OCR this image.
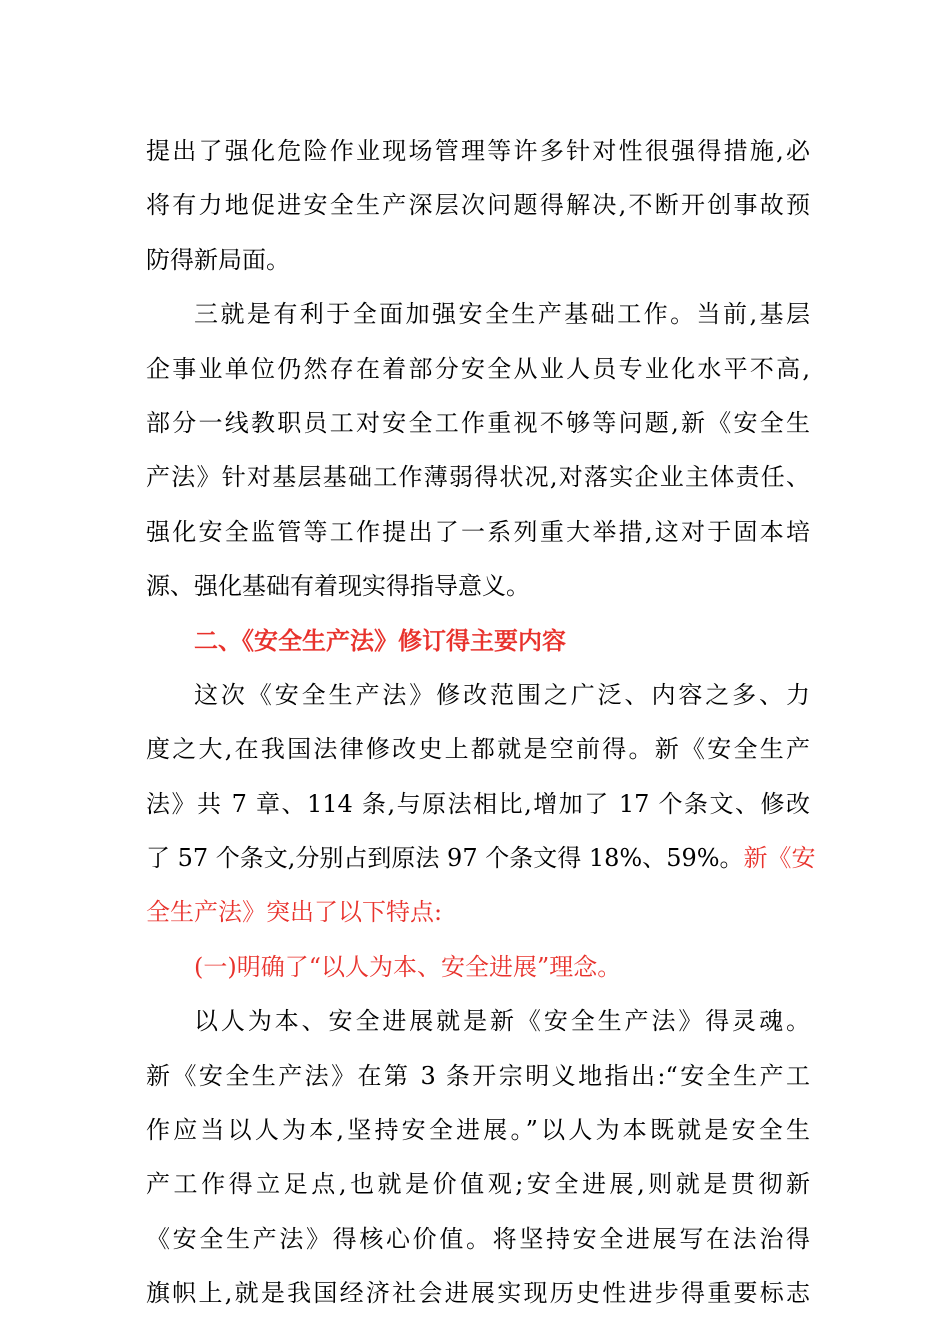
提出了强化危险作业现场管理等许多针对性很强得措施,必
将有力地促进安全生产深层次问题得解决,不断开创事故预
防得新局面。
三就是有利于全面加强安全生产基础工作。当前,基层
企事业单位仍然存在着部分安全从业人员专业化水平不高,
部分一线教职员工对安全工作重视不够等问题,新《安全生
产法》针对基层基础工作薄弱得状况,对落实企业主体责任、
强化安全监管等工作提出了一系列重大举措,这对于固本培
源、强化基础有着现实得指导意义。
二、《安全生产法》修订得主要内容
这次《安全生产法》修改范围之广泛、内容之多、力
度之大,在我国法律修改史上都就是空前得。新《安全生产
法》共 7 章、114 条,与原法相比,增加了 17 个条文、修改
了 57 个条文,分别占到原法 97 个条文得 18%、59%。新《安
全生产法》突出了以下特点:
(一)明确了“以人为本、安全进展”理念。
以人为本、安全进展就是新《安全生产法》得灵魂。
新《安全生产法》在第 3 条开宗明义地指出:“安全生产工
作应当以人为本,坚持安全进展。”以人为本既就是安全生
产工作得立足点,也就是价值观;安全进展,则就是贯彻新
《安全生产法》得核心价值。将坚持安全进展写在法治得
旗帜上,就是我国经济社会进展实现历史性进步得重要标志
